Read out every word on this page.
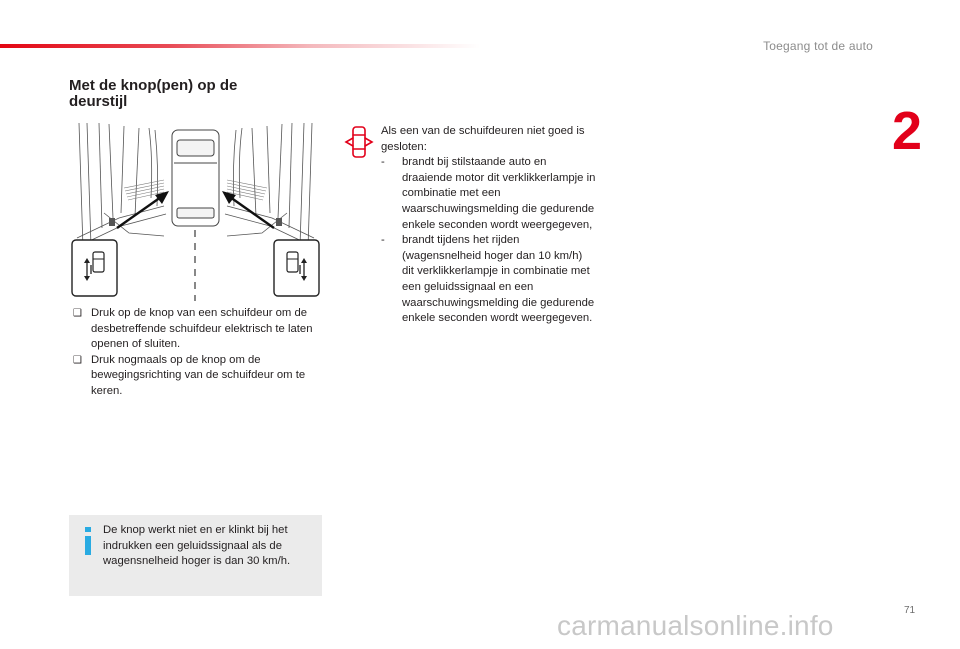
Toegang tot de auto
2
Met de knop(pen) op de deurstijl

❑ Druk op de knop van een schuifdeur om de desbetreffende schuifdeur elektrisch te laten openen of sluiten.

❑ Druk nogmaals op de knop om de bewegingsrichting van de schuifdeur om te keren.

De knop werkt niet en er klinkt bij het indrukken een geluidssignaal als de wagensnelheid hoger is dan 30 km/h.

Als een van de schuifdeuren niet goed is gesloten:

- brandt bij stilstaande auto en draaiende motor dit verklikkerlampje in combinatie met een waarschuwingsmelding die gedurende enkele seconden wordt weergegeven,

- brandt tijdens het rijden (wagensnelheid hoger dan 10 km/h) dit verklikkerlampje in combinatie met een geluidssignaal en een waarschuwingsmelding die gedurende enkele seconden wordt weergegeven.

71
carmanualsonline.info
